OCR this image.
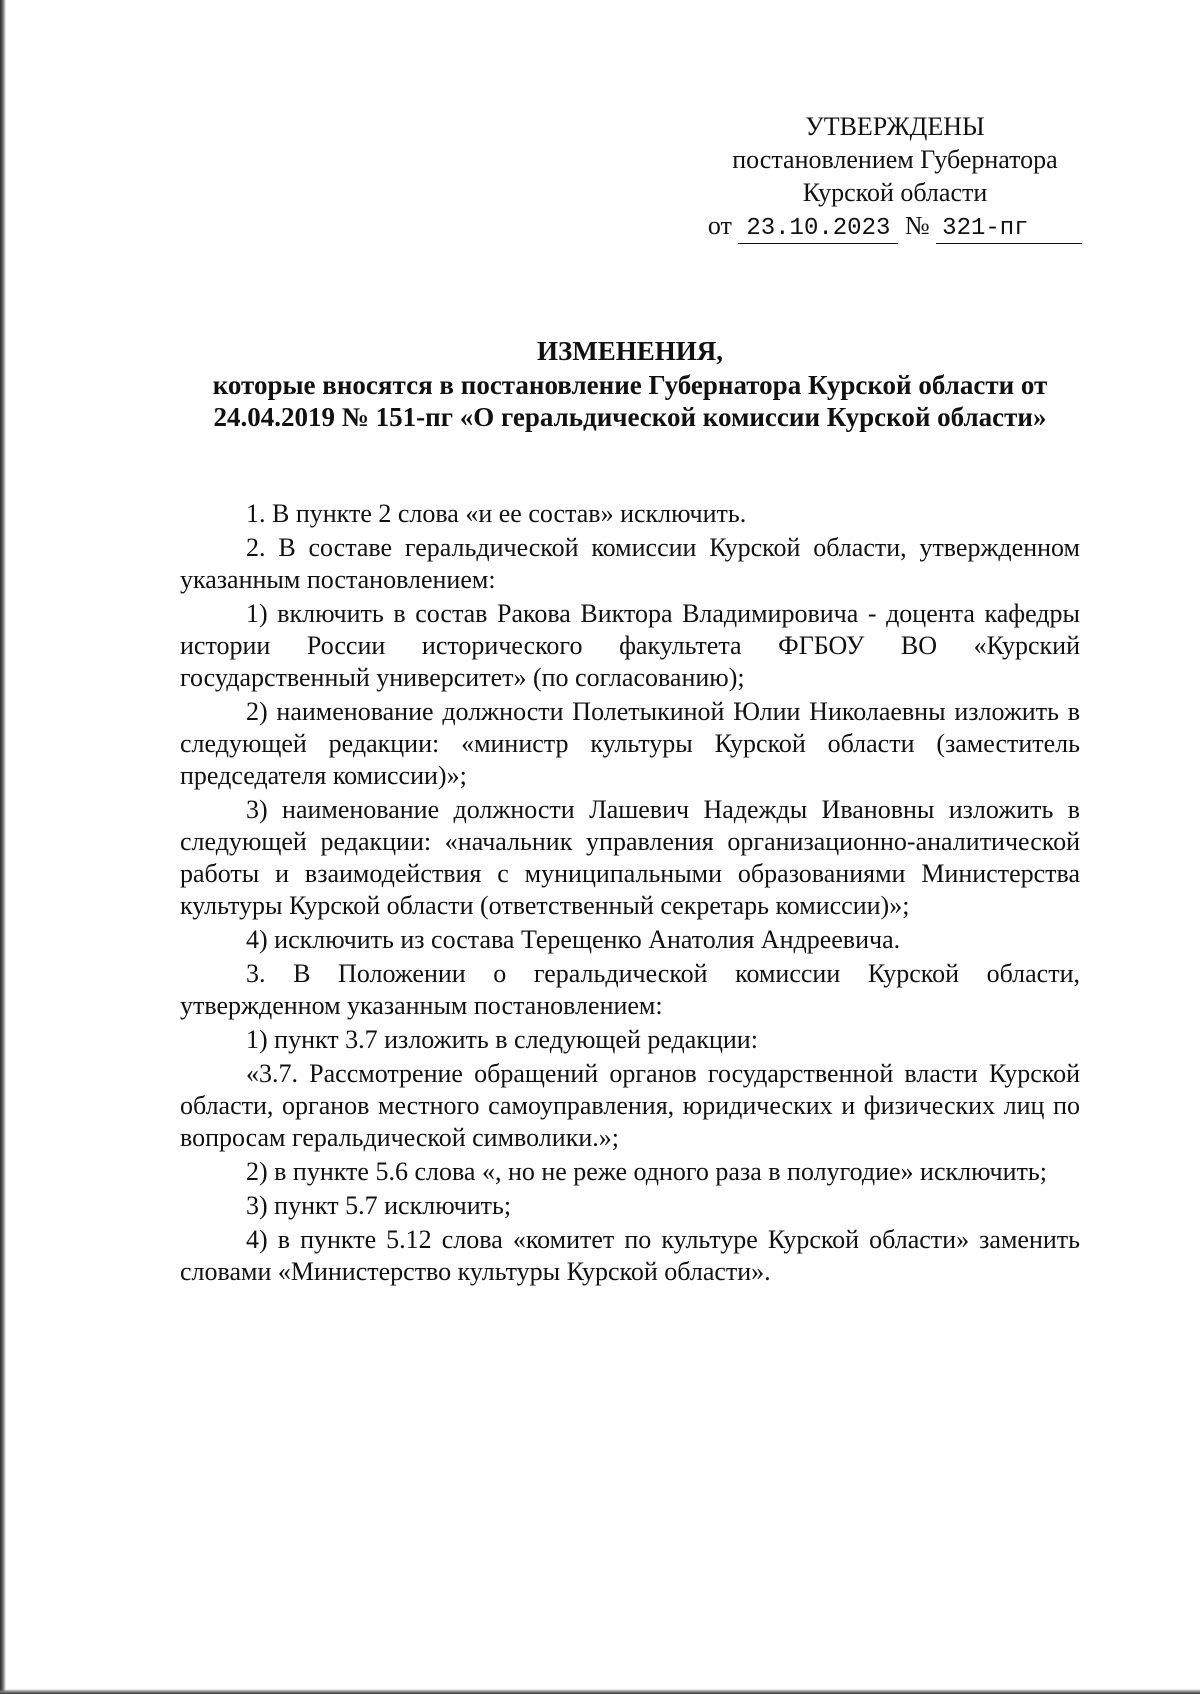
УТВЕРЖДЕНЫ
постановлением Губернатора
Курской области
от 23.10.2023 № 321-пг
ИЗМЕНЕНИЯ,
которые вносятся в постановление Губернатора Курской области от 24.04.2019 № 151-пг «О геральдической комиссии Курской области»

1. В пункте 2 слова «и ее состав» исключить.

2. В составе геральдической комиссии Курской области, утвержденном указанным постановлением:

1) включить в состав Ракова Виктора Владимировича - доцента кафедры истории России исторического факультета ФГБОУ ВО «Курский государственный университет» (по согласованию);

2) наименование должности Полетыкиной Юлии Николаевны изложить в следующей редакции: «министр культуры Курской области (заместитель председателя комиссии)»;

3) наименование должности Лашевич Надежды Ивановны изложить в следующей редакции: «начальник управления организационно-аналитической работы и взаимодействия с муниципальными образованиями Министерства культуры Курской области (ответственный секретарь комиссии)»;

4) исключить из состава Терещенко Анатолия Андреевича.

3. В Положении о геральдической комиссии Курской области, утвержденном указанным постановлением:

1) пункт 3.7 изложить в следующей редакции:

«3.7. Рассмотрение обращений органов государственной власти Курской области, органов местного самоуправления, юридических и физических лиц по вопросам геральдической символики.»;

2) в пункте 5.6 слова «, но не реже одного раза в полугодие» исключить;

3) пункт 5.7 исключить;

4) в пункте 5.12 слова «комитет по культуре Курской области» заменить словами «Министерство культуры Курской области».
